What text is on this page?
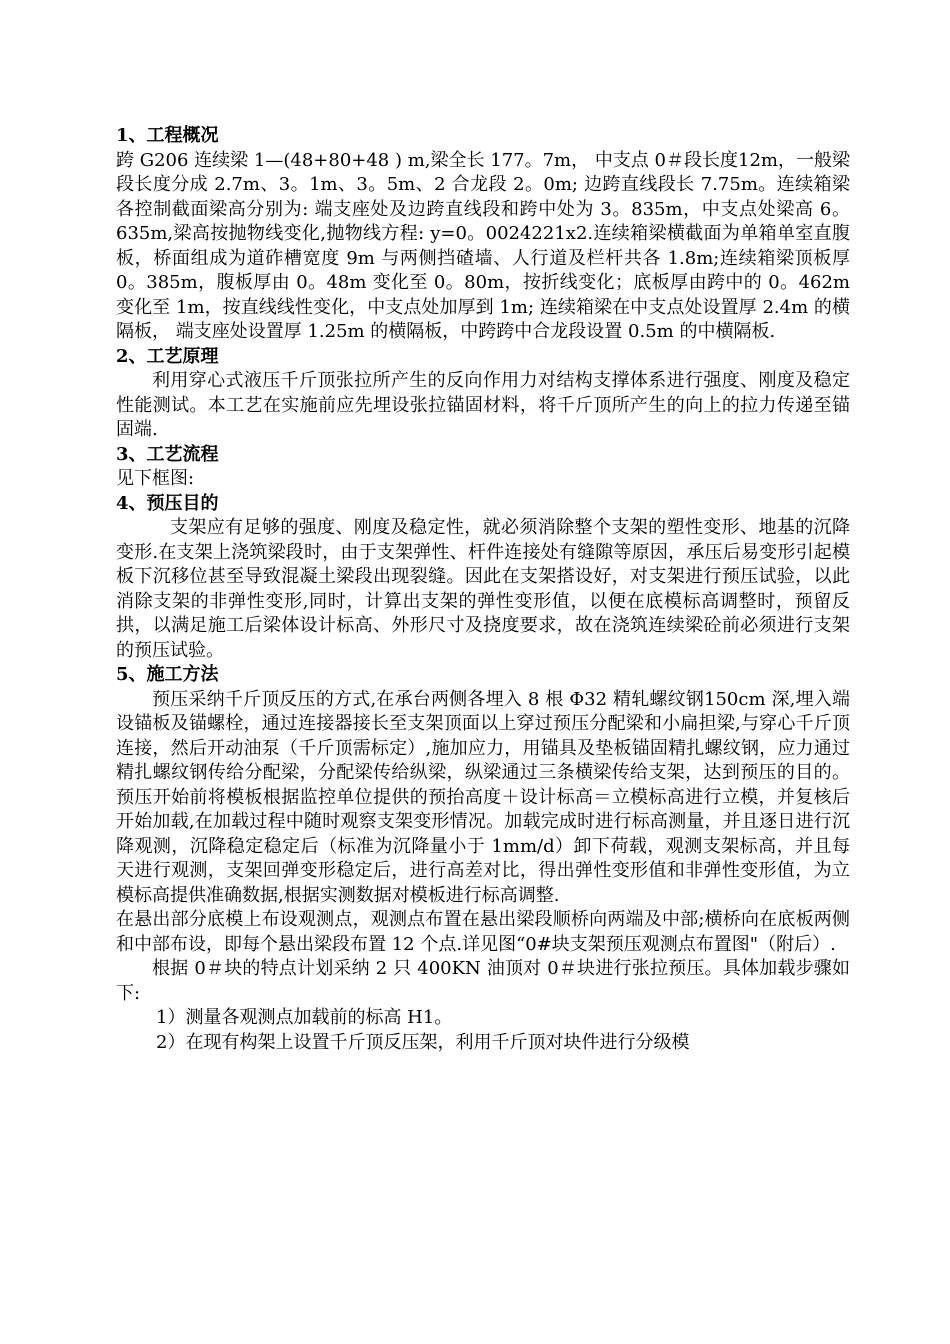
1、工程概况

跨 G206 连续梁 1—(48+80+48 ) m,梁全长 177。7m， 中支点 0＃段长度12m，一般梁段长度分成 2.7m、3。1m、3。5m、2 合龙段 2。0m; 边跨直线段长 7.75m。连续箱梁各控制截面梁高分别为: 端支座处及边跨直线段和跨中处为 3。835m，中支点处梁高 6。635m,梁高按抛物线变化,抛物线方程: y=0。0024221x2.连续箱梁横截面为单箱单室直腹板，桥面组成为道砟槽宽度 9m 与两侧挡碴墙、人行道及栏杆共各 1.8m;连续箱梁顶板厚 0。385m，腹板厚由 0。48m 变化至 0。80m，按折线变化；底板厚由跨中的 0。462m 变化至 1m，按直线线性变化，中支点处加厚到 1m; 连续箱梁在中支点处设置厚 2.4m 的横隔板， 端支座处设置厚 1.25m 的横隔板，中跨跨中合龙段设置 0.5m 的中横隔板.

2、工艺原理

利用穿心式液压千斤顶张拉所产生的反向作用力对结构支撑体系进行强度、刚度及稳定性能测试。本工艺在实施前应先埋设张拉锚固材料，将千斤顶所产生的向上的拉力传递至锚固端.

3、工艺流程

见下框图:

4、预压目的

支架应有足够的强度、刚度及稳定性，就必须消除整个支架的塑性变形、地基的沉降变形.在支架上浇筑梁段时，由于支架弹性、杆件连接处有缝隙等原因，承压后易变形引起模板下沉移位甚至导致混凝土梁段出现裂缝。因此在支架搭设好，对支架进行预压试验，以此消除支架的非弹性变形,同时，计算出支架的弹性变形值，以便在底模标高调整时，预留反拱，以满足施工后梁体设计标高、外形尺寸及挠度要求，故在浇筑连续梁砼前必须进行支架的预压试验。

5、施工方法

预压采纳千斤顶反压的方式,在承台两侧各埋入 8 根 Φ32 精轧螺纹钢150cm 深,埋入端设锚板及锚螺栓，通过连接器接长至支架顶面以上穿过预压分配梁和小扁担梁,与穿心千斤顶连接，然后开动油泵（千斤顶需标定）,施加应力，用锚具及垫板锚固精扎螺纹钢，应力通过精扎螺纹钢传给分配梁，分配梁传给纵梁，纵梁通过三条横梁传给支架，达到预压的目的。 预压开始前将模板根据监控单位提供的预抬高度＋设计标高＝立模标高进行立模，并复核后开始加载,在加载过程中随时观察支架变形情况。加载完成时进行标高测量，并且逐日进行沉降观测，沉降稳定稳定后（标准为沉降量小于 1mm/d）卸下荷载，观测支架标高，并且每天进行观测，支架回弹变形稳定后，进行高差对比，得出弹性变形值和非弹性变形值，为立模标高提供准确数据,根据实测数据对模板进行标高调整.

在悬出部分底模上布设观测点，观测点布置在悬出梁段顺桥向两端及中部;横桥向在底板两侧和中部布设，即每个悬出梁段布置 12 个点.详见图“0#块支架预压观测点布置图"（附后）.

根据 0＃块的特点计划采纳 2 只 400KN 油顶对 0＃块进行张拉预压。具体加载步骤如下:

1）测量各观测点加载前的标高 H1。

2）在现有构架上设置千斤顶反压架，利用千斤顶对块件进行分级模
